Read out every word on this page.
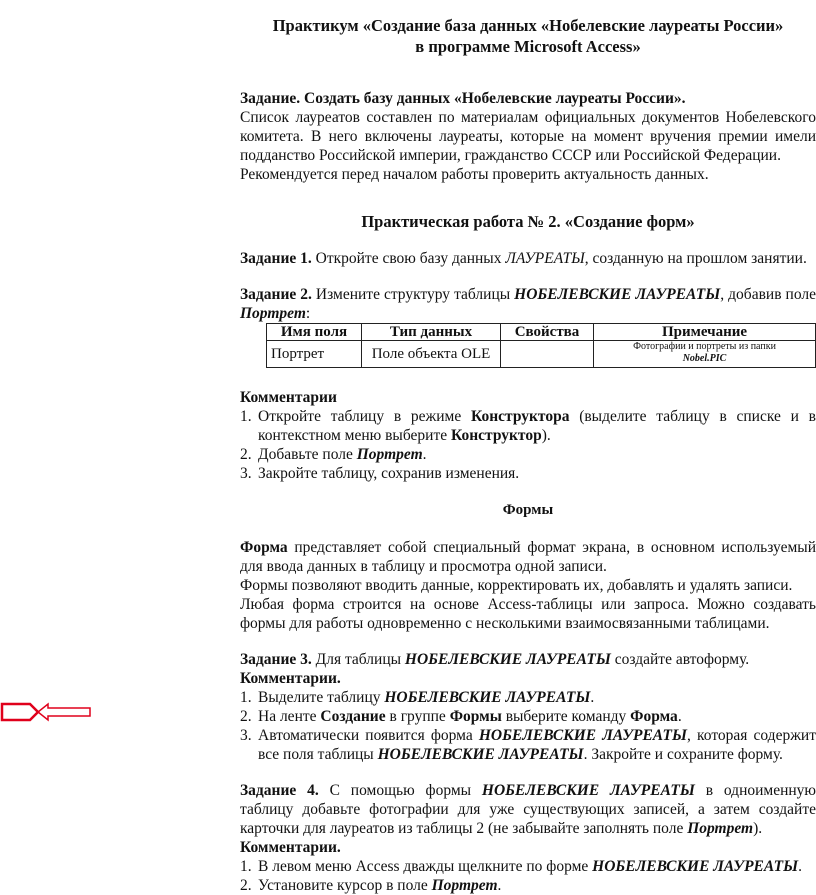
Практикум «Создание база данных «Нобелевские лауреаты России»
в программе Microsoft Access»

Задание. Создать базу данных «Нобелевские лауреаты России».

Список лауреатов составлен по материалам официальных документов Нобелевского комитета. В него включены лауреаты, которые на момент вручения премии имели подданство Российской империи, гражданство СССР или Российской Федерации.

Рекомендуется перед началом работы проверить актуальность данных.

Практическая работа № 2. «Создание форм»

Задание 1. Откройте свою базу данных ЛАУРЕАТЫ, созданную на прошлом занятии.

Задание 2. Измените структуру таблицы НОБЕЛЕВСКИЕ ЛАУРЕАТЫ, добавив поле Портрет:

Имя поля	Тип данных	Свойства	Примечание
Портрет	Поле объекта OLE		Фотографии и портреты из папки
Nobel.PIC

Комментарии

1. Откройте таблицу в режиме Конструктора (выделите таблицу в списке и в контекстном меню выберите Конструктор).
2. Добавьте поле Портрет.
3. Закройте таблицу, сохранив изменения.
Формы

Форма представляет собой специальный формат экрана, в основном используемый для ввода данных в таблицу и просмотра одной записи.

Формы позволяют вводить данные, корректировать их, добавлять и удалять записи.

Любая форма строится на основе Access-таблицы или запроса. Можно создавать формы для работы одновременно с несколькими взаимосвязанными таблицами.

Задание 3. Для таблицы НОБЕЛЕВСКИЕ ЛАУРЕАТЫ создайте автоформу.

Комментарии.

1. Выделите таблицу НОБЕЛЕВСКИЕ ЛАУРЕАТЫ.
2. На ленте Создание в группе Формы выберите команду Форма.
3. Автоматически появится форма НОБЕЛЕВСКИЕ ЛАУРЕАТЫ, которая содержит все поля таблицы НОБЕЛЕВСКИЕ ЛАУРЕАТЫ. Закройте и сохраните форму.

Задание 4. С помощью формы НОБЕЛЕВСКИЕ ЛАУРЕАТЫ в одноименную таблицу добавьте фотографии для уже существующих записей, а затем создайте карточки для лауреатов из таблицы 2 (не забывайте заполнять поле Портрет).

Комментарии.

1. В левом меню Access дважды щелкните по форме НОБЕЛЕВСКИЕ ЛАУРЕАТЫ.
2. Установите курсор в поле Портрет.
